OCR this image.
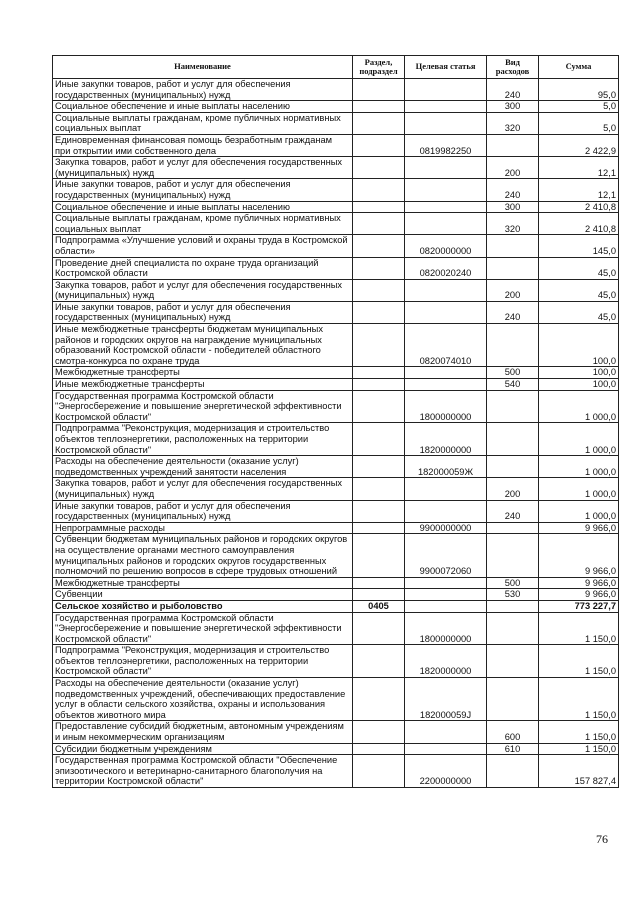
Наименование	Раздел, подраздел	Целевая статья	Вид расходов	Сумма
Иные закупки товаров, работ и услуг для обеспечения государственных (муниципальных) нужд			240	95,0
Социальное обеспечение и иные выплаты населению			300	5,0
Социальные выплаты гражданам, кроме публичных нормативных социальных выплат			320	5,0
Единовременная финансовая помощь безработным гражданам при открытии ими собственного дела		0819982250		2 422,9
Закупка товаров, работ и услуг для обеспечения государственных (муниципальных) нужд			200	12,1
Иные закупки товаров, работ и услуг для обеспечения государственных (муниципальных) нужд			240	12,1
Социальное обеспечение и иные выплаты населению			300	2 410,8
Социальные выплаты гражданам, кроме публичных нормативных социальных выплат			320	2 410,8
Подпрограмма «Улучшение условий и охраны труда в Костромской области»		0820000000		145,0
Проведение дней специалиста по охране труда организаций Костромской области		0820020240		45,0
Закупка товаров, работ и услуг для обеспечения государственных (муниципальных) нужд			200	45,0
Иные закупки товаров, работ и услуг для обеспечения государственных (муниципальных) нужд			240	45,0
Иные межбюджетные трансферты бюджетам муниципальных районов и городских округов на награждение муниципальных образований Костромской области - победителей областного смотра-конкурса по охране труда		0820074010		100,0
Межбюджетные трансферты			500	100,0
Иные межбюджетные трансферты			540	100,0
Государственная программа Костромской области "Энергосбережение и повышение энергетической эффективности Костромской области"		1800000000		1 000,0
Подпрограмма "Реконструкция, модернизация и строительство объектов теплоэнергетики, расположенных на территории Костромской области"		1820000000		1 000,0
Расходы на обеспечение деятельности (оказание услуг) подведомственных учреждений занятости населения		182000059Ж		1 000,0
Закупка товаров, работ и услуг для обеспечения государственных (муниципальных) нужд			200	1 000,0
Иные закупки товаров, работ и услуг для обеспечения государственных (муниципальных) нужд			240	1 000,0
Непрограммные расходы		9900000000		9 966,0
Субвенции бюджетам муниципальных районов и городских округов на осуществление органами местного самоуправления муниципальных районов и городских округов государственных полномочий по решению вопросов в сфере трудовых отношений		9900072060		9 966,0
Межбюджетные трансферты			500	9 966,0
Субвенции			530	9 966,0
Сельское хозяйство и рыболовство	0405			773 227,7
Государственная программа Костромской области "Энергосбережение и повышение энергетической эффективности Костромской области"		1800000000		1 150,0
Подпрограмма "Реконструкция, модернизация и строительство объектов теплоэнергетики, расположенных на территории Костромской области"		1820000000		1 150,0
Расходы на обеспечение деятельности (оказание услуг) подведомственных учреждений, обеспечивающих предоставление услуг в области сельского хозяйства, охраны и использования объектов животного мира		182000059J		1 150,0
Предоставление субсидий бюджетным, автономным учреждениям и иным некоммерческим организациям			600	1 150,0
Субсидии бюджетным учреждениям			610	1 150,0
Государственная программа Костромской области "Обеспечение эпизоотического и ветеринарно-санитарного благополучия на территории Костромской области"		2200000000		157 827,4
76
